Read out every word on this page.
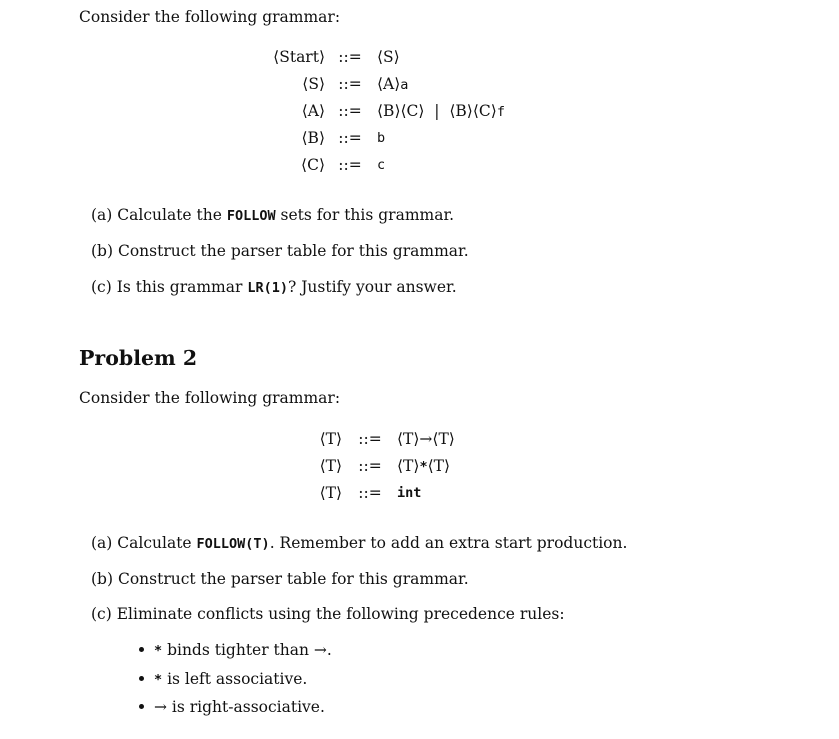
Consider the following grammar:
⟨Start⟩ ::= ⟨S⟩
⟨S⟩ ::= ⟨A⟩a
⟨A⟩ ::= ⟨B⟩⟨C⟩  |  ⟨B⟩⟨C⟩f
⟨B⟩ ::=	b
⟨C⟩ ::=	c
(a) Calculate the FOLLOW sets for this grammar.
(b) Construct the parser table for this grammar.
(c) Is this grammar LR(1)? Justify your answer.
Problem 2
Consider the following grammar:
⟨T⟩	::= ⟨T⟩→⟨T⟩
⟨T⟩	::= ⟨T⟩*⟨T⟩
⟨T⟩	::=	int
(a) Calculate FOLLOW(T). Remember to add an extra start production.
(b) Construct the parser table for this grammar.
(c) Eliminate conflicts using the following precedence rules:
* binds tighter than →.
* is left associative.
→ is right-associative.
